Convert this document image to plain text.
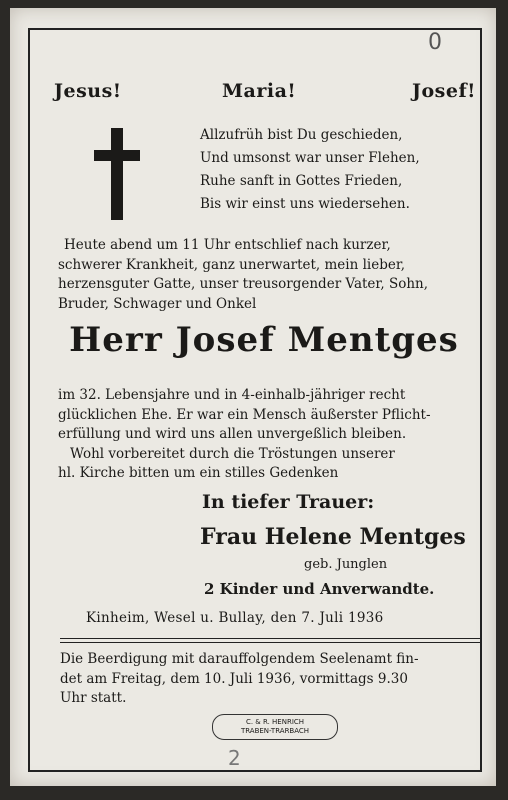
0
Jesus!	Maria!	Josef!
Allzufrüh bist Du geschieden,
Und umsonst war unser Flehen,
Ruhe sanft in Gottes Frieden,
Bis wir einst uns wiedersehen.
Heute abend um 11 Uhr entschlief nach kurzer,
schwerer Krankheit, ganz unerwartet, mein lieber,
herzensguter Gatte, unser treusorgender Vater, Sohn,
Bruder, Schwager und Onkel
Herr Josef Mentges
im 32. Lebensjahre und in 4-einhalb-jähriger recht
glücklichen Ehe. Er war ein Mensch äußerster Pflicht-
erfüllung und wird uns allen unvergeßlich bleiben.
Wohl vorbereitet durch die Tröstungen unserer
hl. Kirche bitten um ein stilles Gedenken
In tiefer Trauer:
Frau Helene Mentges
geb. Junglen
2 Kinder und Anverwandte.
Kinheim, Wesel u. Bullay, den 7. Juli 1936
Die Beerdigung mit darauffolgendem Seelenamt fin-
det am Freitag, dem 10. Juli 1936, vormittags 9.30
Uhr statt.
C. & R. HENRICH
TRABEN-TRARBACH
2
